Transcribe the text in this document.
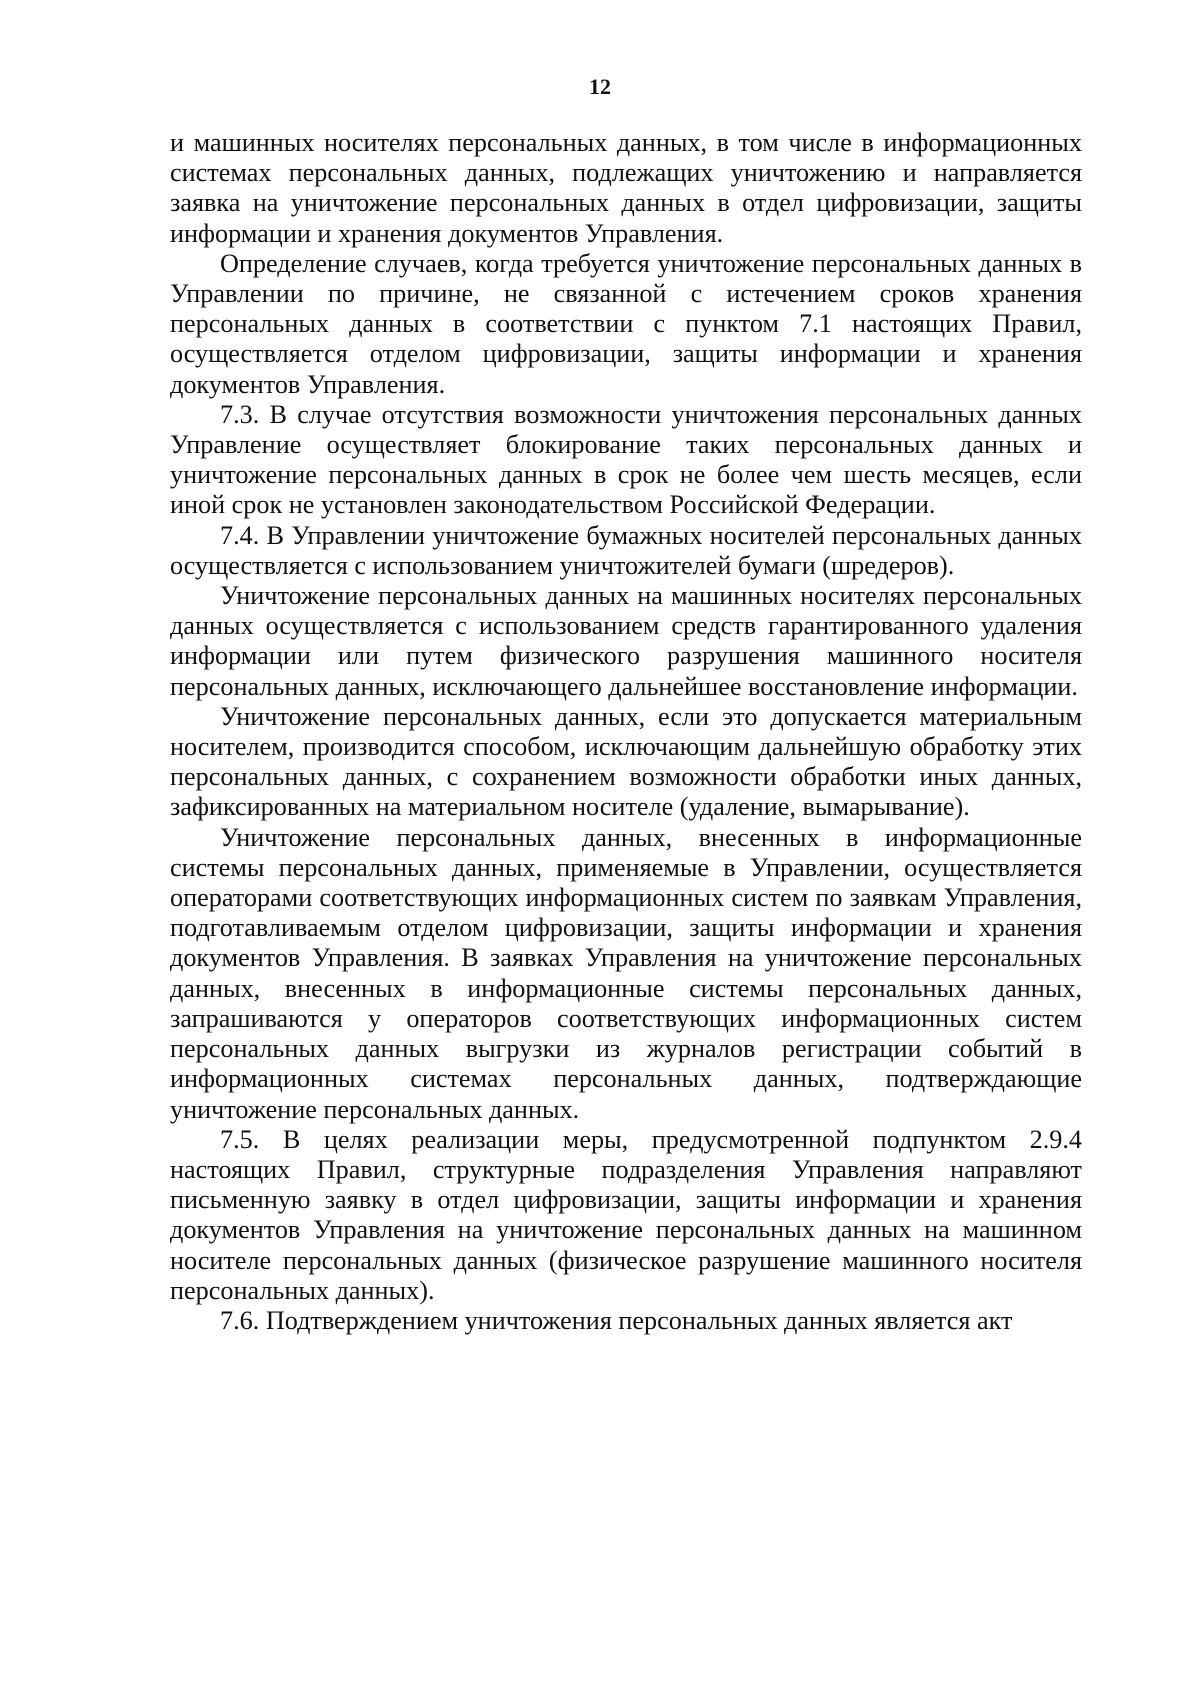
12

и машинных носителях персональных данных, в том числе в информационных системах персональных данных, подлежащих уничтожению и направляется заявка на уничтожение персональных данных в отдел цифровизации, защиты информации и хранения документов Управления.

Определение случаев, когда требуется уничтожение персональных данных в Управлении по причине, не связанной с истечением сроков хранения персональных данных в соответствии с пунктом 7.1 настоящих Правил, осуществляется отделом цифровизации, защиты информации и хранения документов Управления.

7.3. В случае отсутствия возможности уничтожения персональных данных Управление осуществляет блокирование таких персональных данных и уничтожение персональных данных в срок не более чем шесть месяцев, если иной срок не установлен законодательством Российской Федерации.

7.4. В Управлении уничтожение бумажных носителей персональных данных осуществляется с использованием уничтожителей бумаги (шредеров).

Уничтожение персональных данных на машинных носителях персональных данных осуществляется с использованием средств гарантированного удаления информации или путем физического разрушения машинного носителя персональных данных, исключающего дальнейшее восстановление информации.

Уничтожение персональных данных, если это допускается материальным носителем, производится способом, исключающим дальнейшую обработку этих персональных данных, с сохранением возможности обработки иных данных, зафиксированных на материальном носителе (удаление, вымарывание).

Уничтожение персональных данных, внесенных в информационные системы персональных данных, применяемые в Управлении, осуществляется операторами соответствующих информационных систем по заявкам Управления, подготавливаемым отделом цифровизации, защиты информации и хранения документов Управления. В заявках Управления на уничтожение персональных данных, внесенных в информационные системы персональных данных, запрашиваются у операторов соответствующих информационных систем персональных данных выгрузки из журналов регистрации событий в информационных системах персональных данных, подтверждающие уничтожение персональных данных.

7.5. В целях реализации меры, предусмотренной подпунктом 2.9.4 настоящих Правил, структурные подразделения Управления направляют письменную заявку в отдел цифровизации, защиты информации и хранения документов Управления на уничтожение персональных данных на машинном носителе персональных данных (физическое разрушение машинного носителя персональных данных).

7.6. Подтверждением уничтожения персональных данных является акт
